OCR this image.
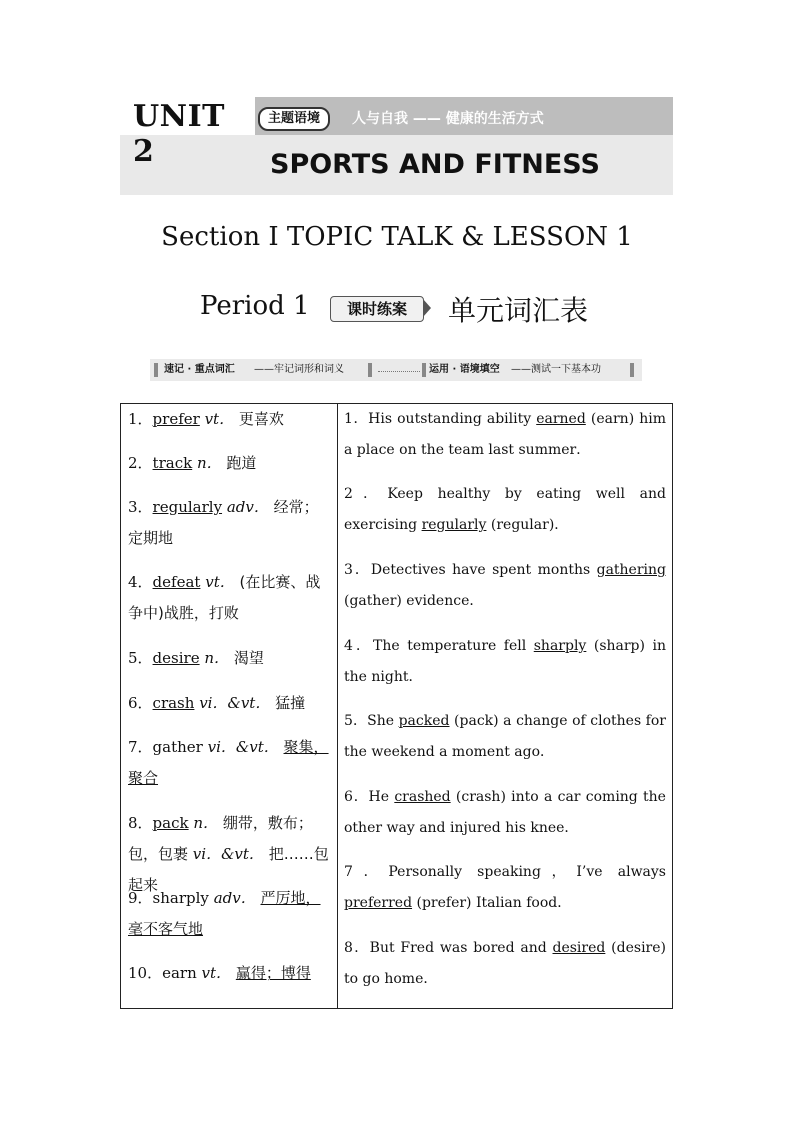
UNIT 2
主题语境	人与自我 —— 健康的生活方式
SPORTS AND FITNESS
Section Ⅰ TOPIC TALK & LESSON 1
Period 1	课时练案	单元词汇表
速记 · 重点词汇 ——牢记词形和词义	运用 · 语境填空 ——测试一下基本功
1．prefer vt． 更喜欢
2．track n． 跑道
3．regularly adv． 经常；定期地
4．defeat vt． (在比赛、战争中)战胜，打败
5．desire n． 渴望
6．crash vi．&vt． 猛撞
7．gather vi．&vt． 聚集，聚合
8．pack n． 绷带，敷布；包，包裹 vi．&vt． 把……包起来
9．sharply adv． 严厉地，毫不客气地
10．earn vt． 赢得；博得
1．His outstanding ability earned (earn) him a place on the team last summer．
2．Keep healthy by eating well and exercising regularly (regular)．
3．Detectives have spent months gathering (gather) evidence．
4．The temperature fell sharply (sharp) in the night．
5．She packed (pack) a change of clothes for the weekend a moment ago．
6．He crashed (crash) into a car coming the other way and injured his knee．
7．Personally speaking，I’ve always preferred (prefer) Italian food．
8．But Fred was bored and desired (desire) to go home．
